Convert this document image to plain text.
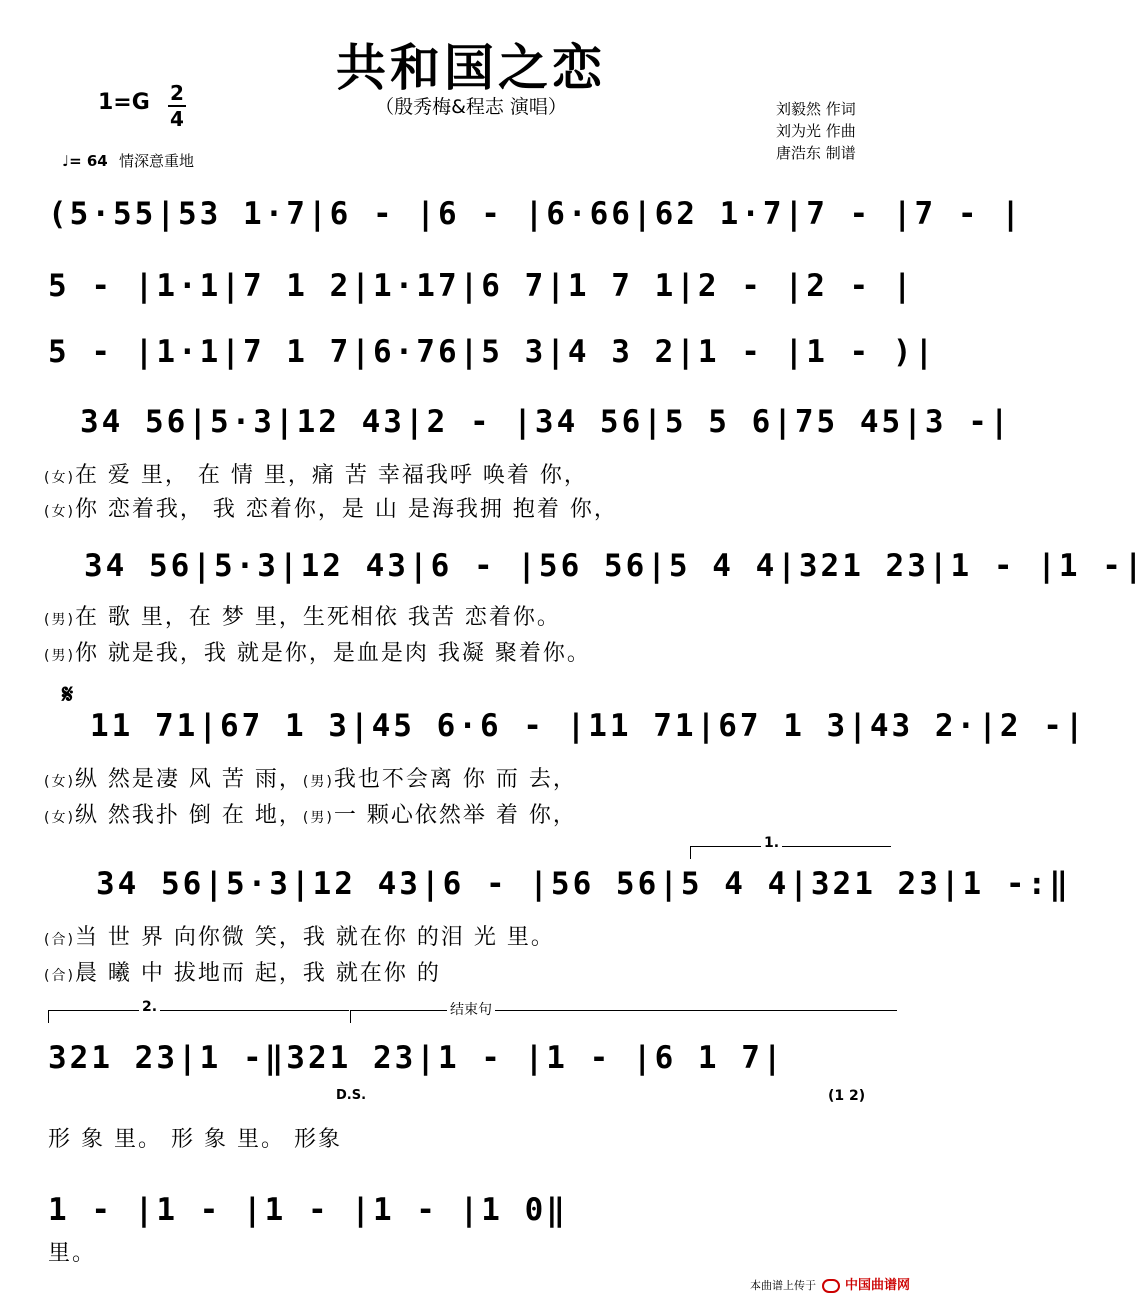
共和国之恋
（殷秀梅&程志 演唱）
1=G 2
4
♩= 64 情深意重地
刘毅然 作词
刘为光 作曲
唐浩东 制谱
(5·55|53 1·7|6 - |6 - |6·66|62 1·7|7 - |7 - |
5 - |1·1|7 1 2|1·17|6 7|1 7 1|2 - |2 - |
5 - |1·1|7 1 7|6·76|5 3|4 3 2|1 - |1 - )|
34 56|5·3|12 43|2 - |34 56|5 5 6|75 45|3 -|
(女)在 爱 里， 在 情 里，痛 苦 幸福我呼 唤着 你，
(女)你 恋着我， 我 恋着你，是 山 是海我拥 抱着 你，
34 56|5·3|12 43|6 - |56 56|5 4 4|321 23|1 - |1 -|
(男)在 歌 里，在 梦 里，生死相依 我苦 恋着你。
(男)你 就是我，我 就是你，是血是肉 我凝 聚着你。
𝄋
11 71|67 1 3|45 6·6 - |11 71|67 1 3|43 2·|2 -|
(女)纵 然是凄 风 苦 雨，(男)我也不会离 你 而 去，
(女)纵 然我扑 倒 在 地，(男)一 颗心依然举 着 你，
1.
34 56|5·3|12 43|6 - |56 56|5 4 4|321 23|1 -:‖
(合)当 世 界 向你微 笑，我 就在你 的泪 光 里。
(合)晨 曦 中 拔地而 起，我 就在你 的
2.	结束句
321 23|1 -‖321 23|1 - |1 - |6 1 7|
D.S.	(1 2)
形 象 里。 形 象 里。 形象
1 - |1 - |1 - |1 - |1 0‖
里。
本曲谱上传于 中国曲谱网
